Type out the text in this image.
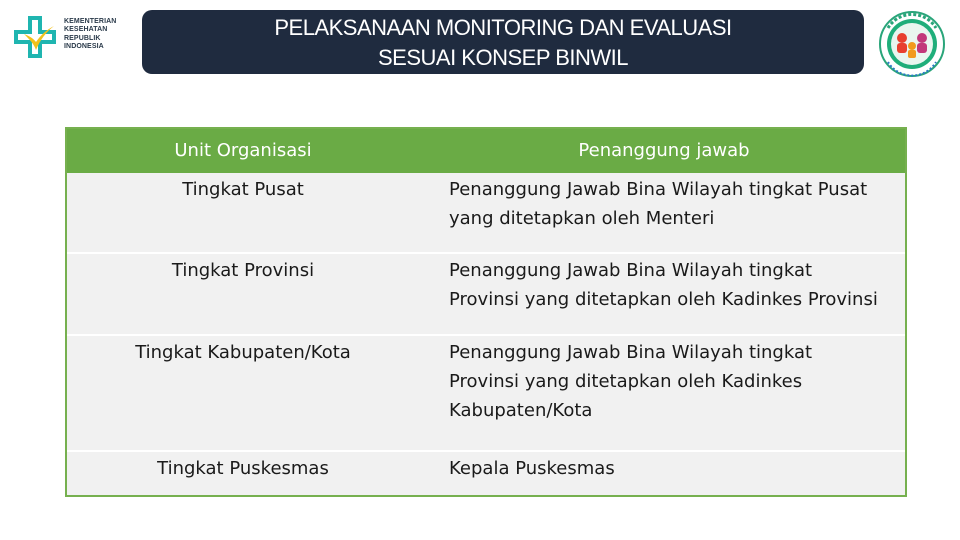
KEMENTERIAN
KESEHATAN
REPUBLIK
INDONESIA
PELAKSANAAN MONITORING DAN EVALUASI
SESUAI KONSEP BINWIL
Unit Organisasi	Penanggung jawab
Tingkat Pusat	Penanggung Jawab Bina Wilayah tingkat Pusat
yang ditetapkan oleh Menteri

Tingkat Provinsi	Penanggung Jawab Bina Wilayah tingkat
Provinsi yang ditetapkan oleh Kadinkes Provinsi

Tingkat Kabupaten/Kota	Penanggung Jawab Bina Wilayah tingkat
Provinsi yang ditetapkan oleh Kadinkes
Kabupaten/Kota

Tingkat Puskesmas	Kepala Puskesmas
